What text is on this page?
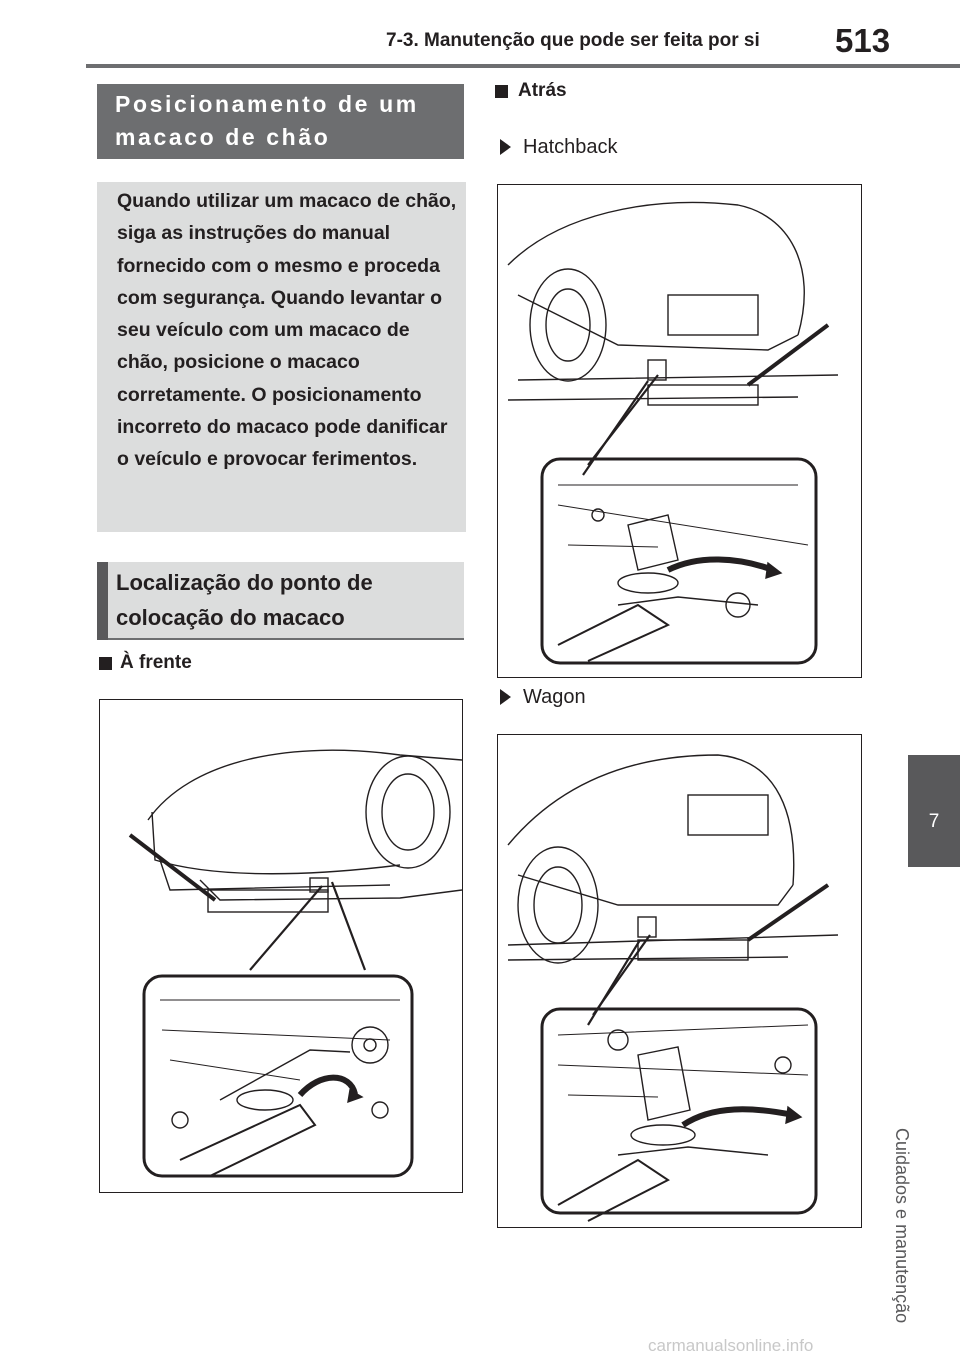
7-3. Manutenção que pode ser feita por si 513
7
Cuidados e manutenção
Posicionamento de um macaco de chão

Quando utilizar um macaco de chão, siga as instruções do manual fornecido com o mesmo e proceda com segurança. Quando levantar o seu veículo com um macaco de chão, posicione o macaco corretamente. O posicionamento incorreto do macaco pode danificar o veículo e provocar ferimentos.

Localização do ponto de colocação do macaco
À frente
Atrás
Hatchback
Wagon
carmanualsonline.info
